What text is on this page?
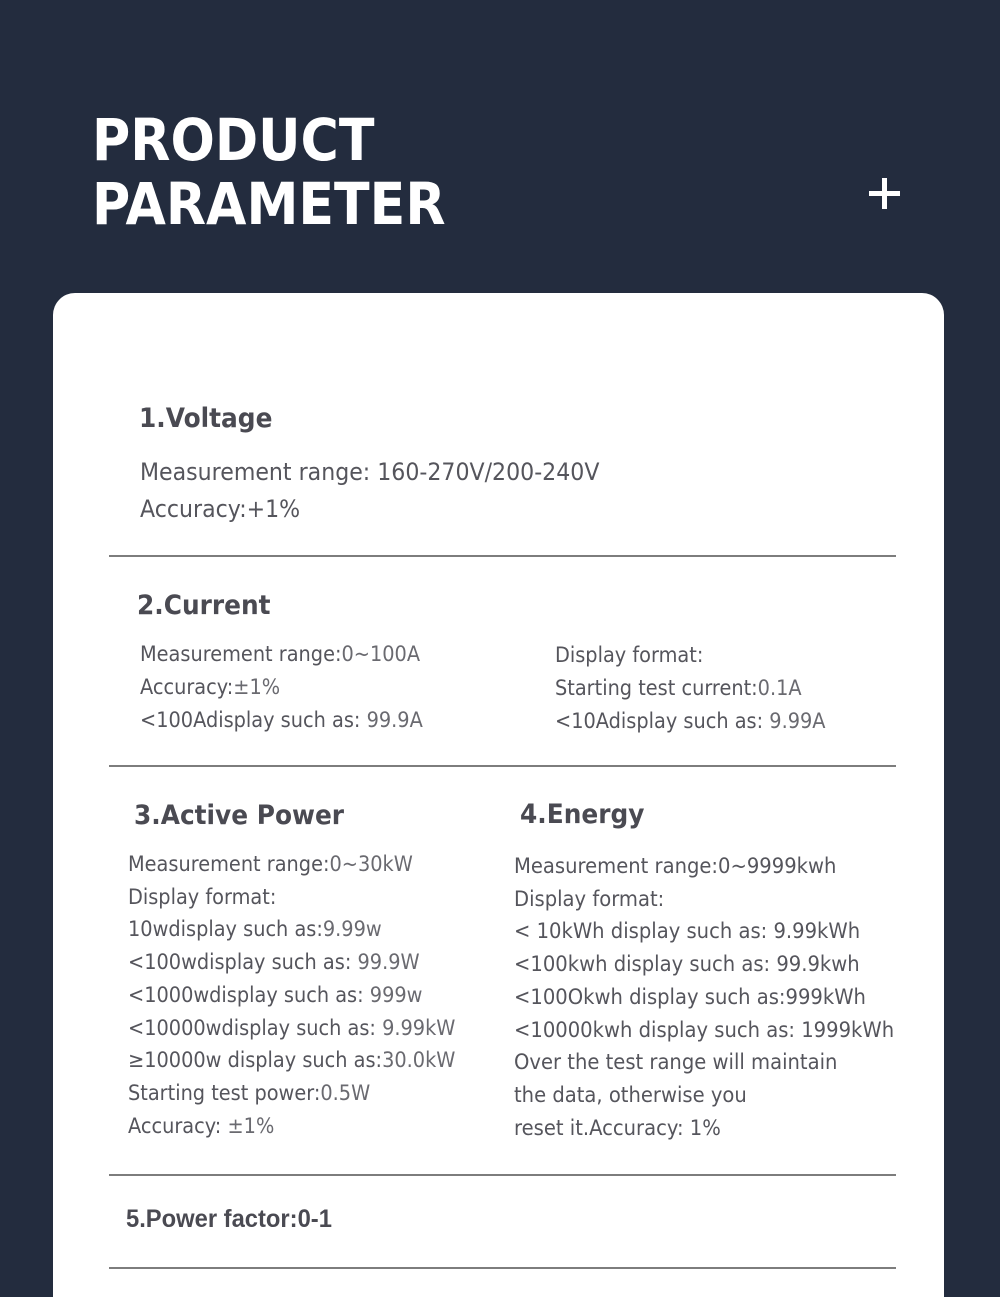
PRODUCT
PARAMETER
1.Voltage
Measurement range: 160-270V/200-240V
Accuracy:+1%
2.Current
Measurement range:0~100A
Accuracy:±1%
<100Adisplay such as: 99.9A
Display format:
Starting test current:0.1A
<10Adisplay such as: 9.99A
3.Active Power
Measurement range:0~30kW
Display format:
10wdisplay such as:9.99w
<100wdisplay such as: 99.9W
<1000wdisplay such as: 999w
<10000wdisplay such as: 9.99kW
≥10000w display such as:30.0kW
Starting test power:0.5W
Accuracy: ±1%
4.Energy
Measurement range:0~9999kwh
Display format:
< 10kWh display such as: 9.99kWh
<100kwh display such as: 99.9kwh
<100Okwh display such as:999kWh
<10000kwh display such as: 1999kWh
Over the test range will maintain
the data, otherwise you
reset it.Accuracy: 1%
5.Power factor:0-1
